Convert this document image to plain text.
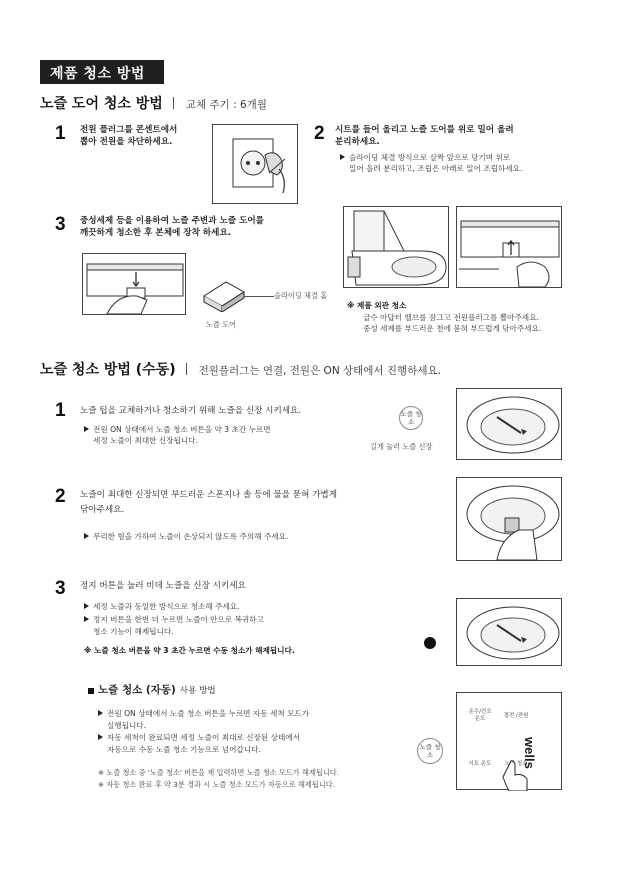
제품 청소 방법
노즐 도어 청소 방법 교체 주기 : 6개월
1 전원 플러그를 콘센트에서
뽑아 전원을 차단하세요.	2 시트를 들어 올리고 노즐 도어를 위로 밀어 올려
분리하세요.
슬라이딩 체결 방식으로 살짝 앞으로 당기며 위로
밀어 올려 분리하고, 조립은 아래로 밀어 조립하세요.
3 중성세제 등을 이용하여 노즐 주변과 노즐 도어를
깨끗하게 청소한 후 본체에 장착 하세요.
슬라이딩 체결 홈
노즐 도어
※ 제품 외관 청소
급수 아답터 밸브를 잠그고 전원플러그를 뽑아주세요.
중성 세제를 부드러운 천에 묻혀 부드럽게 닦아주세요.
노즐 청소 방법 (수동) 전원플러그는 연결, 전원은 ON 상태에서 진행하세요.
1 노즐 팁을 교체하거나 청소하기 위해 노즐을 신장 시키세요.
전원 ON 상태에서 노즐 청소 버튼을 약 3 초간 누르면
세정 노즐이 최대한 신장됩니다.
노즐 청소
길게 눌러 노즐 신장
2 노즐이 최대한 신장되면 부드러운 스폰지나 솔 등에 물을 묻혀 가볍게
닦아주세요.
무리한 힘을 가하여 노즐이 손상되지 않도록 주의해 주세요.
3 정지 버튼을 눌러 비데 노즐을 신장 시키세요
세정 노즐과 동일한 방식으로 청소해 주세요.
정지 버튼을 한번 더 누르면 노즐이 안으로 복귀하고
청소 기능이 해제됩니다.
※ 노즐 청소 버튼을 약 3 초간 누르면 수동 청소가 해제됩니다.
노즐 청소 (자동) 사용 방법
전원 ON 상태에서 노즐 청소 버튼을 누르면 자동 세척 모드가
실행됩니다.
자동 세척이 완료되면 세정 노즐이 최대로 신장된 상태에서
자동으로 수동 노즐 청소 기능으로 넘어갑니다.
※ 노즐 청소 중 '노즐 청소' 버튼을 재 입력하면 노즐 청소 모드가 해제됩니다.
※ 자동 청소 완료 후 약 3분 경과 시 노즐 청소 모드가 자동으로 해제됩니다.
노즐 청소
온수/건조 온도
절전 /전원
시트 온도 노즐 청소
wells
